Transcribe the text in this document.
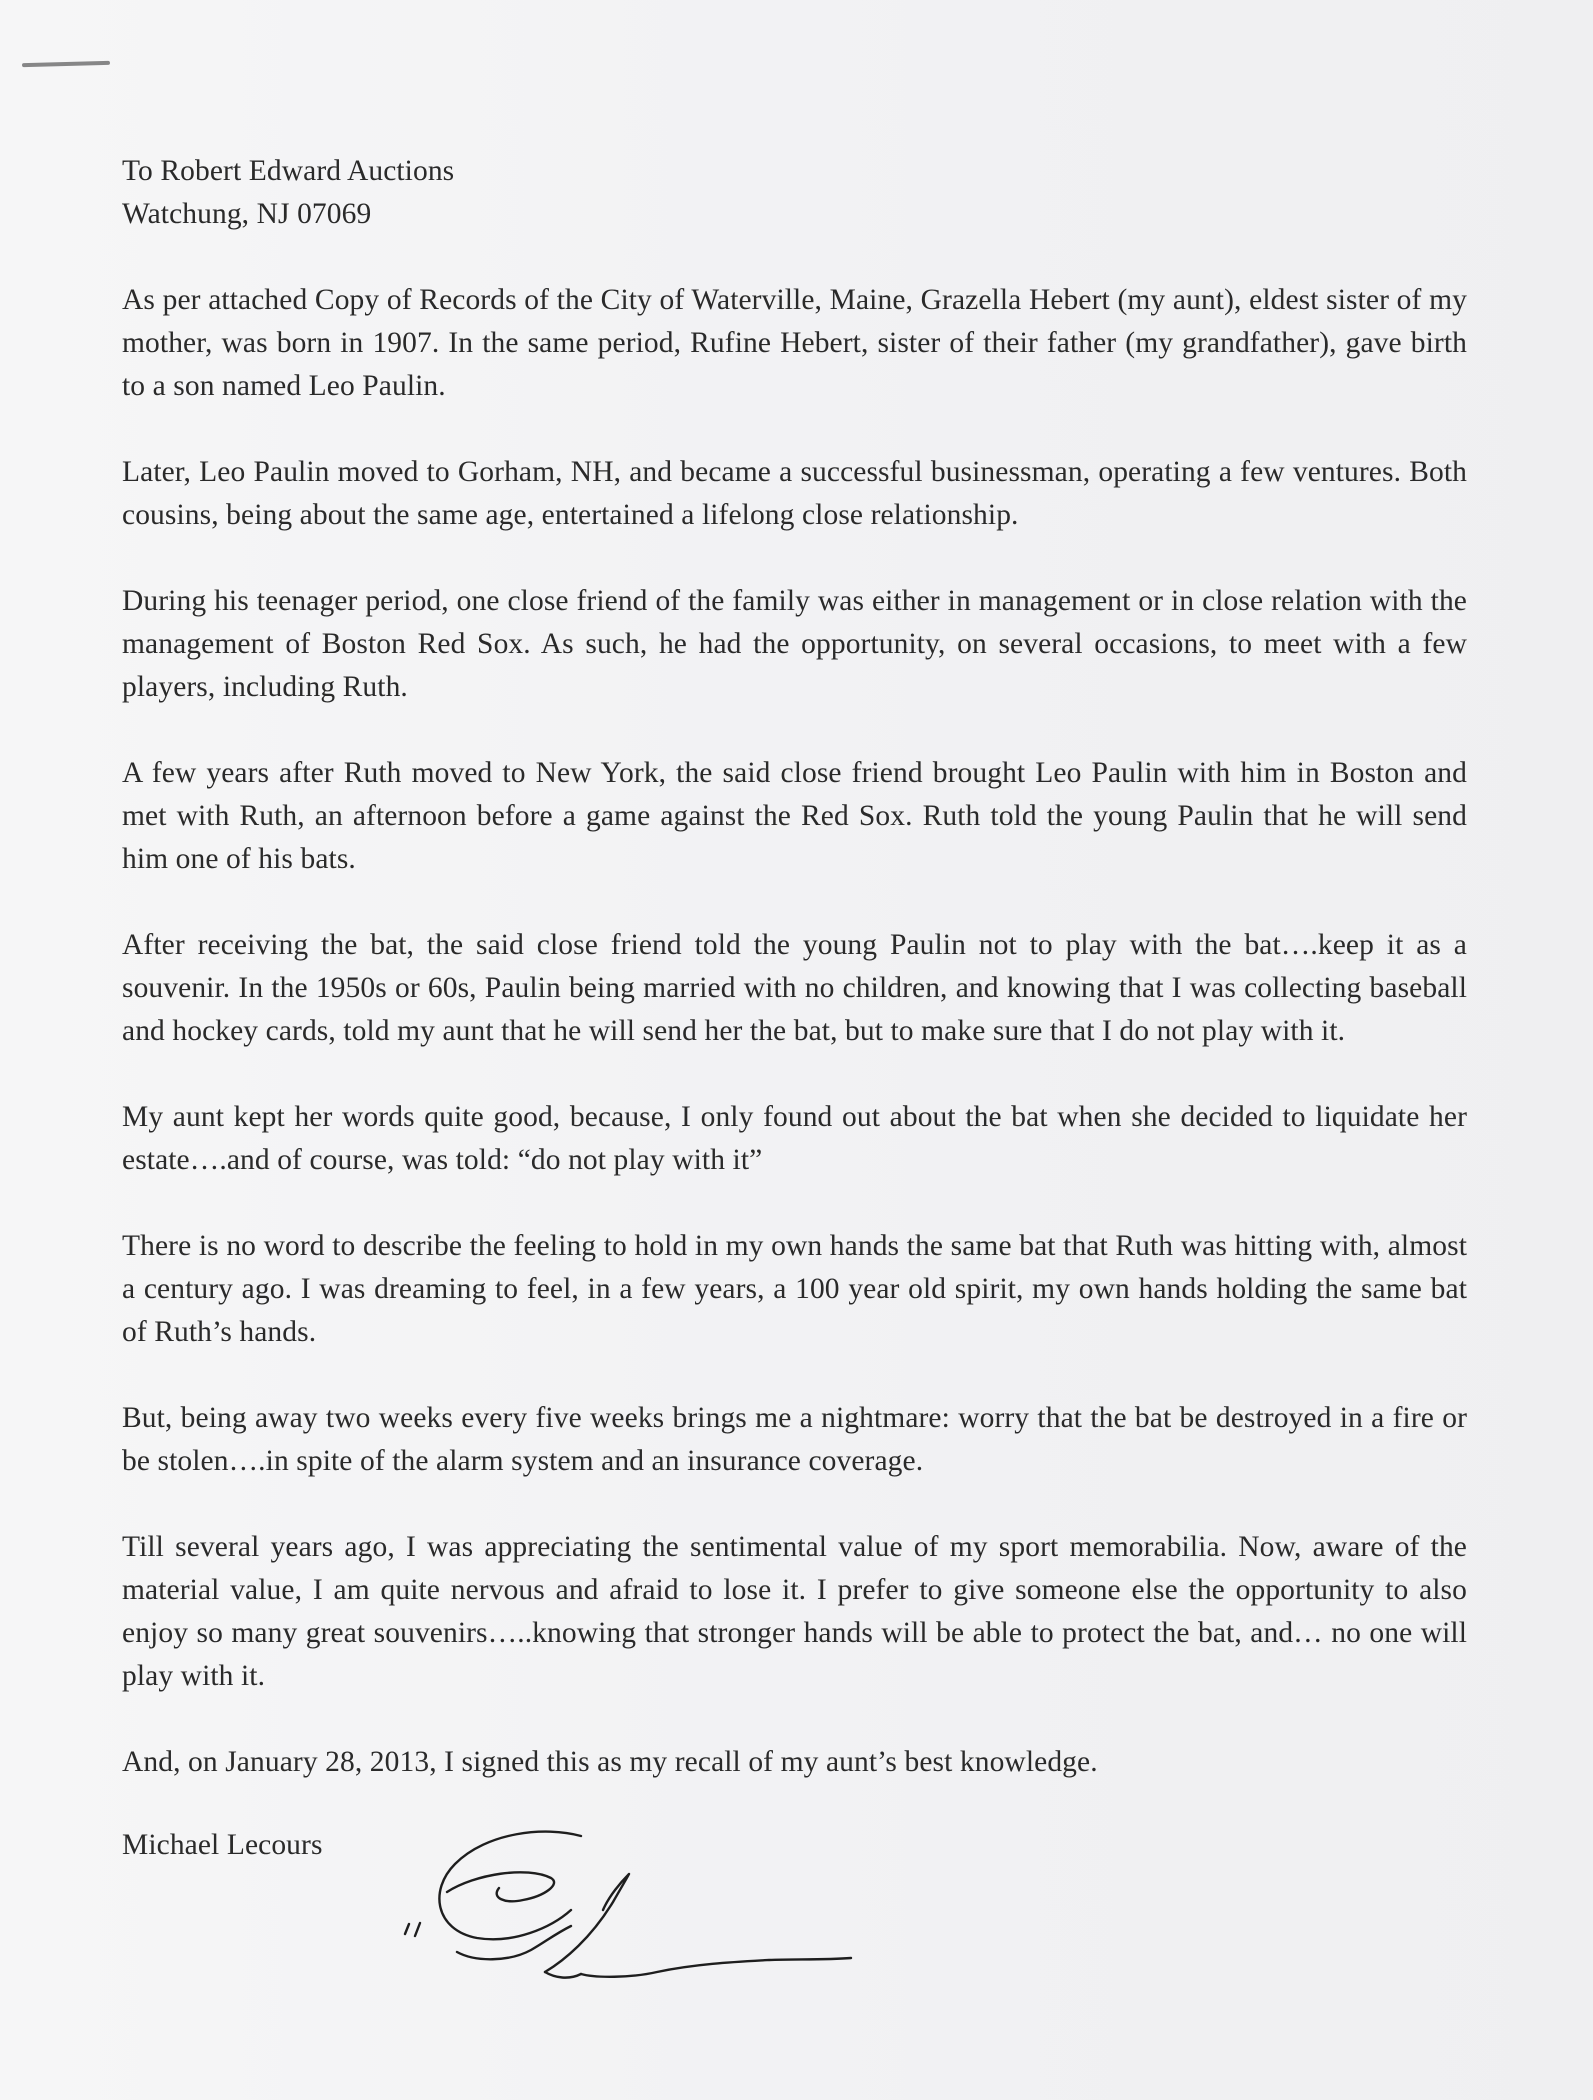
To Robert Edward Auctions

Watchung, NJ 07069

As per attached Copy of Records of the City of Waterville, Maine, Grazella Hebert (my aunt), eldest sister of my mother, was born in 1907. In the same period, Rufine Hebert, sister of their father (my grandfather), gave birth to a son named Leo Paulin.

Later, Leo Paulin moved to Gorham, NH, and became a successful businessman, operating a few ventures. Both cousins, being about the same age, entertained a lifelong close relationship.

During his teenager period, one close friend of the family was either in management or in close relation with the management of Boston Red Sox. As such, he had the opportunity, on several occasions, to meet with a few players, including Ruth.

A few years after Ruth moved to New York, the said close friend brought Leo Paulin with him in Boston and met with Ruth, an afternoon before a game against the Red Sox. Ruth told the young Paulin that he will send him one of his bats.

After receiving the bat, the said close friend told the young Paulin not to play with the bat….keep it as a souvenir. In the 1950s or 60s, Paulin being married with no children, and knowing that I was collecting baseball and hockey cards, told my aunt that he will send her the bat, but to make sure that I do not play with it.

My aunt kept her words quite good, because, I only found out about the bat when she decided to liquidate her estate….and of course, was told: “do not play with it”

There is no word to describe the feeling to hold in my own hands the same bat that Ruth was hitting with, almost a century ago. I was dreaming to feel, in a few years, a 100 year old spirit, my own hands holding the same bat of Ruth’s hands.

But, being away two weeks every five weeks brings me a nightmare: worry that the bat be destroyed in a fire or be stolen….in spite of the alarm system and an insurance coverage.

Till several years ago, I was appreciating the sentimental value of my sport memorabilia. Now, aware of the material value, I am quite nervous and afraid to lose it. I prefer to give someone else the opportunity to also enjoy so many great souvenirs…..knowing that stronger hands will be able to protect the bat, and… no one will play with it.

And, on January 28, 2013, I signed this as my recall of my aunt’s best knowledge.

Michael Lecours
